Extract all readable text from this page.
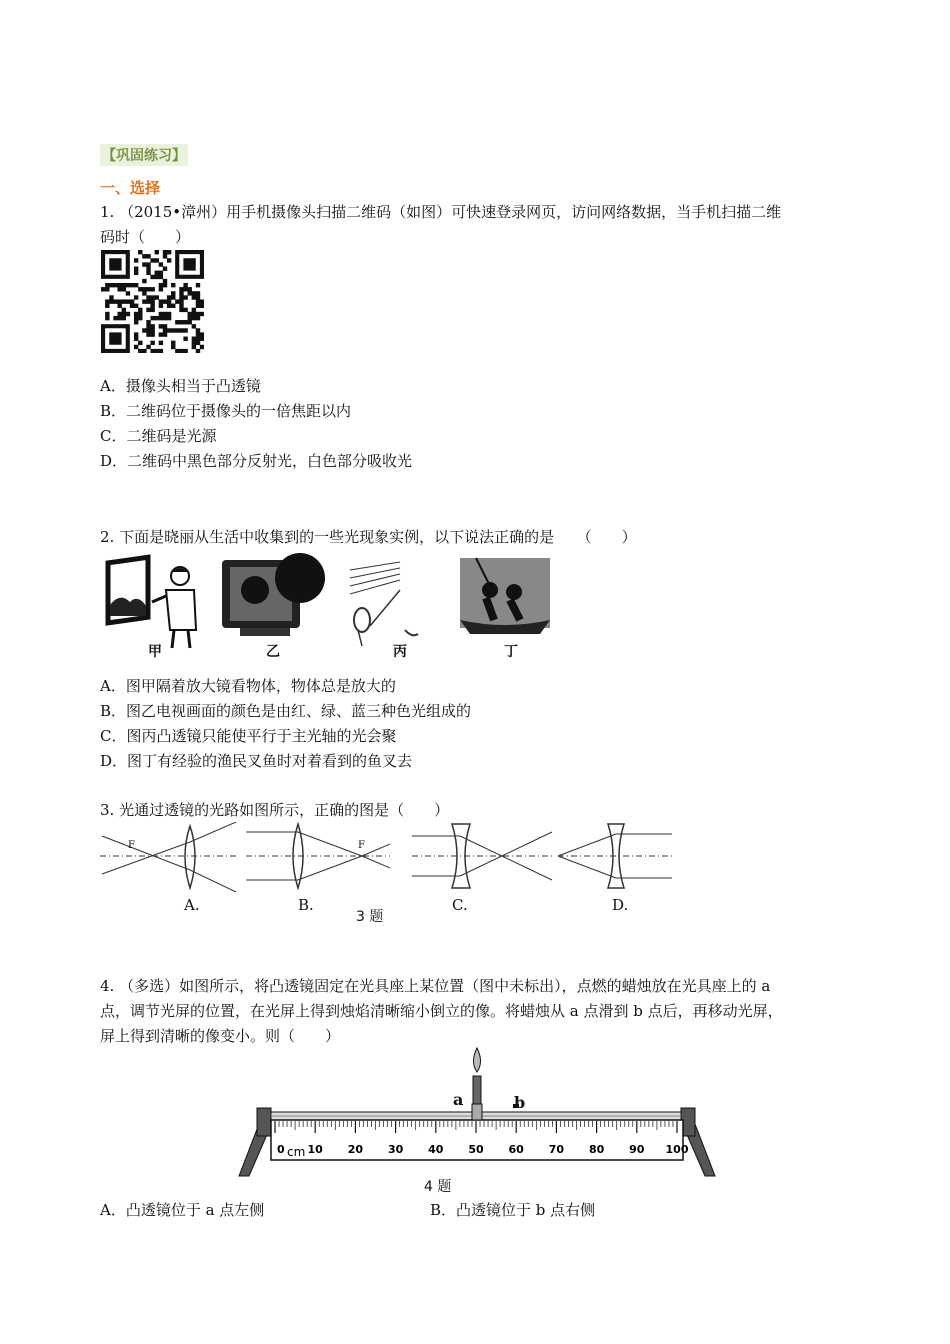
【巩固练习】
一、选择
1. （2015•漳州）用手机摄像头扫描二维码（如图）可快速登录网页，访问网络数据，当手机扫描二维
码时（　　）
A．摄像头相当于凸透镜
B．二维码位于摄像头的一倍焦距以内
C．二维码是光源
D．二维码中黑色部分反射光，白色部分吸收光
2. 下面是晓丽从生活中收集到的一些光现象实例，以下说法正确的是　　（　　）
甲	乙	丙	丁
A．图甲隔着放大镜看物体，物体总是放大的
B．图乙电视画面的颜色是由红、绿、蓝三种色光组成的
C．图丙凸透镜只能使平行于主光轴的光会聚
D．图丁有经验的渔民叉鱼时对着看到的鱼叉去
3. 光通过透镜的光路如图所示，正确的图是（　　）
F	F
A.	B.	C.	D.
3 题
4. （多选）如图所示，将凸透镜固定在光具座上某位置（图中未标出），点燃的蜡烛放在光具座上的 a
点，调节光屏的位置，在光屏上得到烛焰清晰缩小倒立的像。将蜡烛从 a 点滑到 b 点后，再移动光屏，
屏上得到清晰的像变小。则（　　）
0 10 20 30 40 50 60 70 80 90 100
cm
a	b
4 题
A．凸透镜位于 a 点左侧	B．凸透镜位于 b 点右侧
